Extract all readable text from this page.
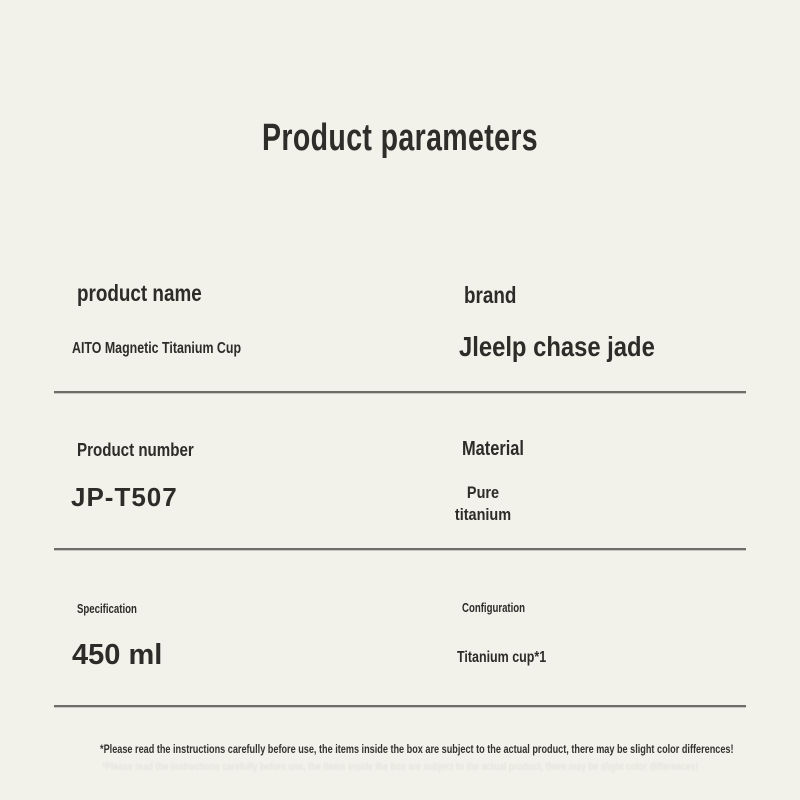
Product parameters
product name
AITO Magnetic Titanium Cup
brand
Jleelp chase jade
Product number
JP-T507
Material
Pure titanium
Specification
450 ml
Configuration
Titanium cup*1
*Please read the instructions carefully before use, the items inside the box are subject to the actual product, there may be slight color differences!
*Please read the instructions carefully before use, the items inside the box are subject to the actual product, there may be slight color differences!
